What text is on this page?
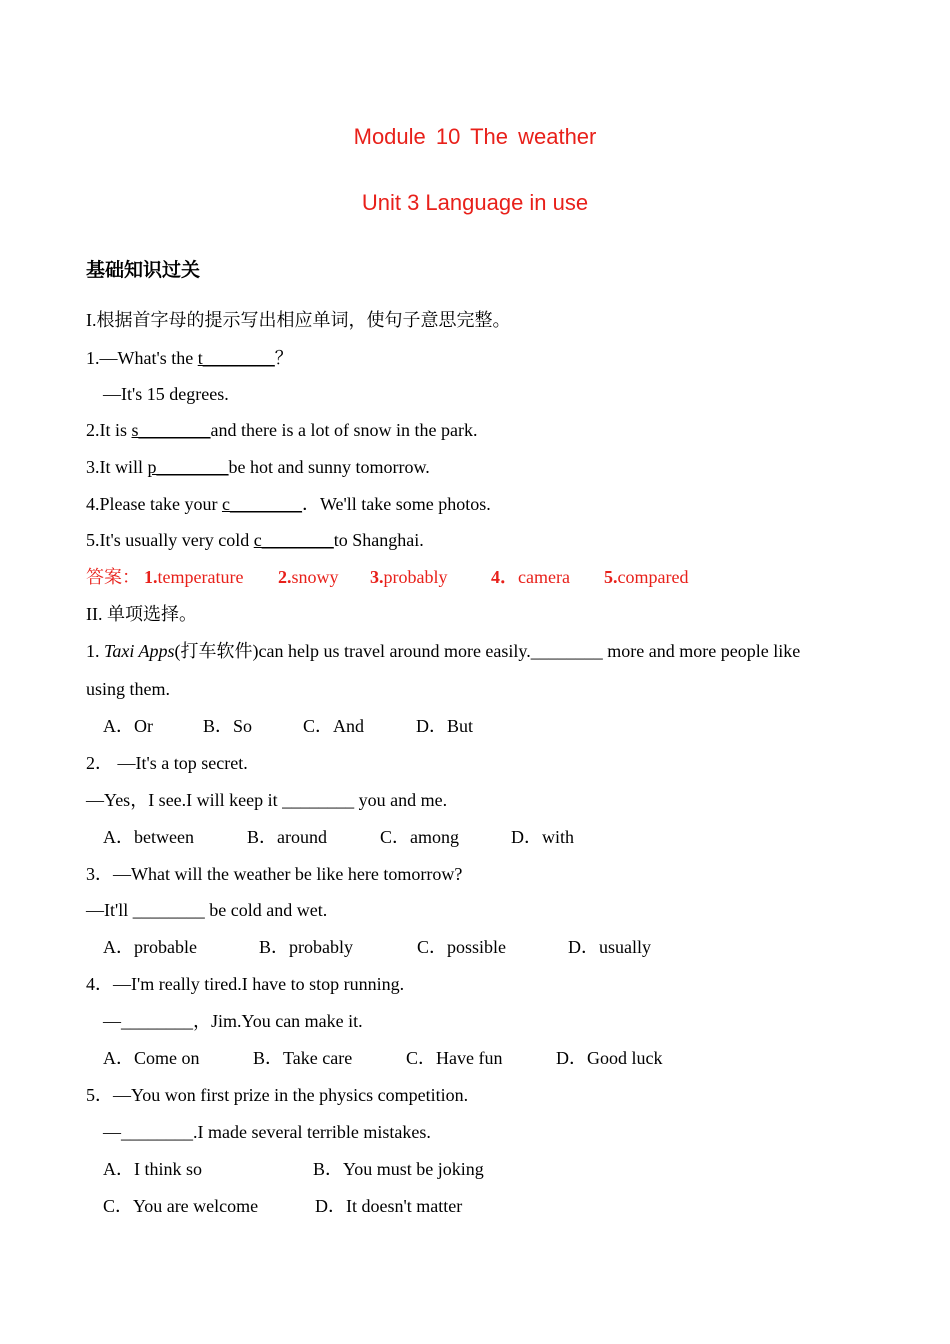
Module 10 The weather
Unit 3 Language in use
基础知识过关
I.根据首字母的提示写出相应单词，使句子意思完整。
1.—What's the t________？
—It's 15 degrees.
2.It is s________and there is a lot of snow in the park.
3.It will p________be hot and sunny tomorrow.
4.Please take your c________．We'll take some photos.
5.It's usually very cold c________to Shanghai.
答案： 1.temperature 2.snowy 3.probably 4．camera 5.compared
II. 单项选择。
1. Taxi Apps(打车软件)can help us travel around more easily.________ more and more people like
using them.
A．Or	B．So	C．And	D．But
2． —It's a top secret.
—Yes，I see.I will keep it ________ you and me.
A．between	B．around	C．among	D．with
3．—What will the weather be like here tomorrow?
—It'll ________ be cold and wet.
A．probable	B．probably	C．possible	D．usually
4．—I'm really tired.I have to stop running.
—________，Jim.You can make it.
A．Come on	B．Take care	C．Have fun	D．Good luck
5．—You won first prize in the physics competition.
—________.I made several terrible mistakes.
A．I think so	B．You must be joking
C．You are welcome	D．It doesn't matter
